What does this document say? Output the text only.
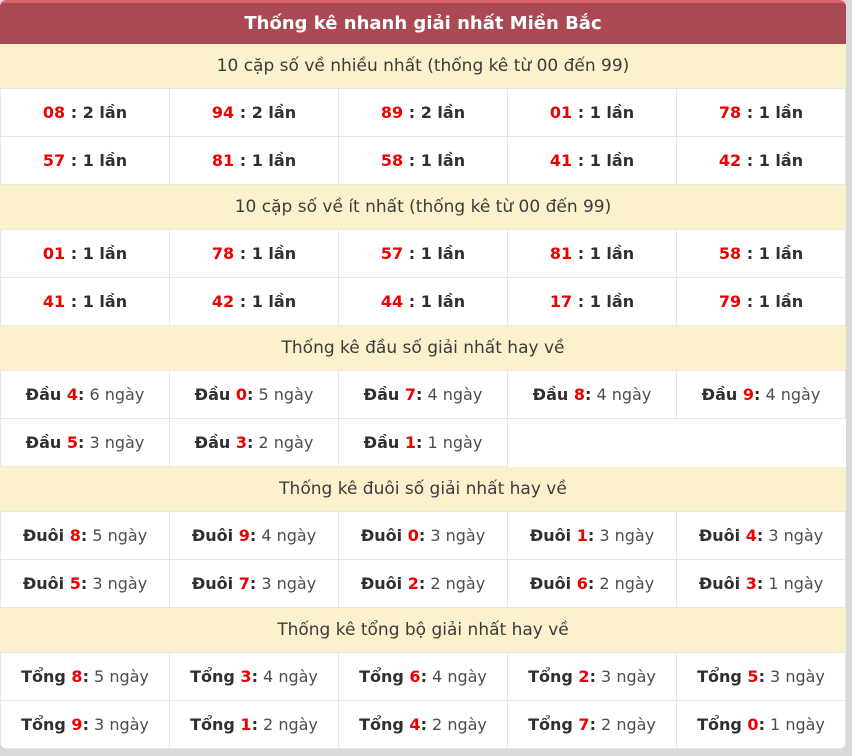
Thống kê nhanh giải nhất Miền Bắc
10 cặp số về nhiều nhất (thống kê từ 00 đến 99)
08 : 2 lần	94 : 2 lần	89 : 2 lần	01 : 1 lần	78 : 1 lần
57 : 1 lần	81 : 1 lần	58 : 1 lần	41 : 1 lần	42 : 1 lần
10 cặp số về ít nhất (thống kê từ 00 đến 99)
01 : 1 lần	78 : 1 lần	57 : 1 lần	81 : 1 lần	58 : 1 lần
41 : 1 lần	42 : 1 lần	44 : 1 lần	17 : 1 lần	79 : 1 lần
Thống kê đầu số giải nhất hay về
Đầu 4 : 6 ngày	Đầu 0 : 5 ngày	Đầu 7 : 4 ngày	Đầu 8 : 4 ngày	Đầu 9 : 4 ngày
Đầu 5 : 3 ngày	Đầu 3 : 2 ngày	Đầu 1 : 1 ngày
Thống kê đuôi số giải nhất hay về
Đuôi 8 : 5 ngày	Đuôi 9 : 4 ngày	Đuôi 0 : 3 ngày	Đuôi 1 : 3 ngày	Đuôi 4 : 3 ngày
Đuôi 5 : 3 ngày	Đuôi 7 : 3 ngày	Đuôi 2 : 2 ngày	Đuôi 6 : 2 ngày	Đuôi 3 : 1 ngày
Thống kê tổng bộ giải nhất hay về
Tổng 8 : 5 ngày	Tổng 3 : 4 ngày	Tổng 6 : 4 ngày	Tổng 2 : 3 ngày	Tổng 5 : 3 ngày
Tổng 9 : 3 ngày	Tổng 1 : 2 ngày	Tổng 4 : 2 ngày	Tổng 7 : 2 ngày	Tổng 0 : 1 ngày
